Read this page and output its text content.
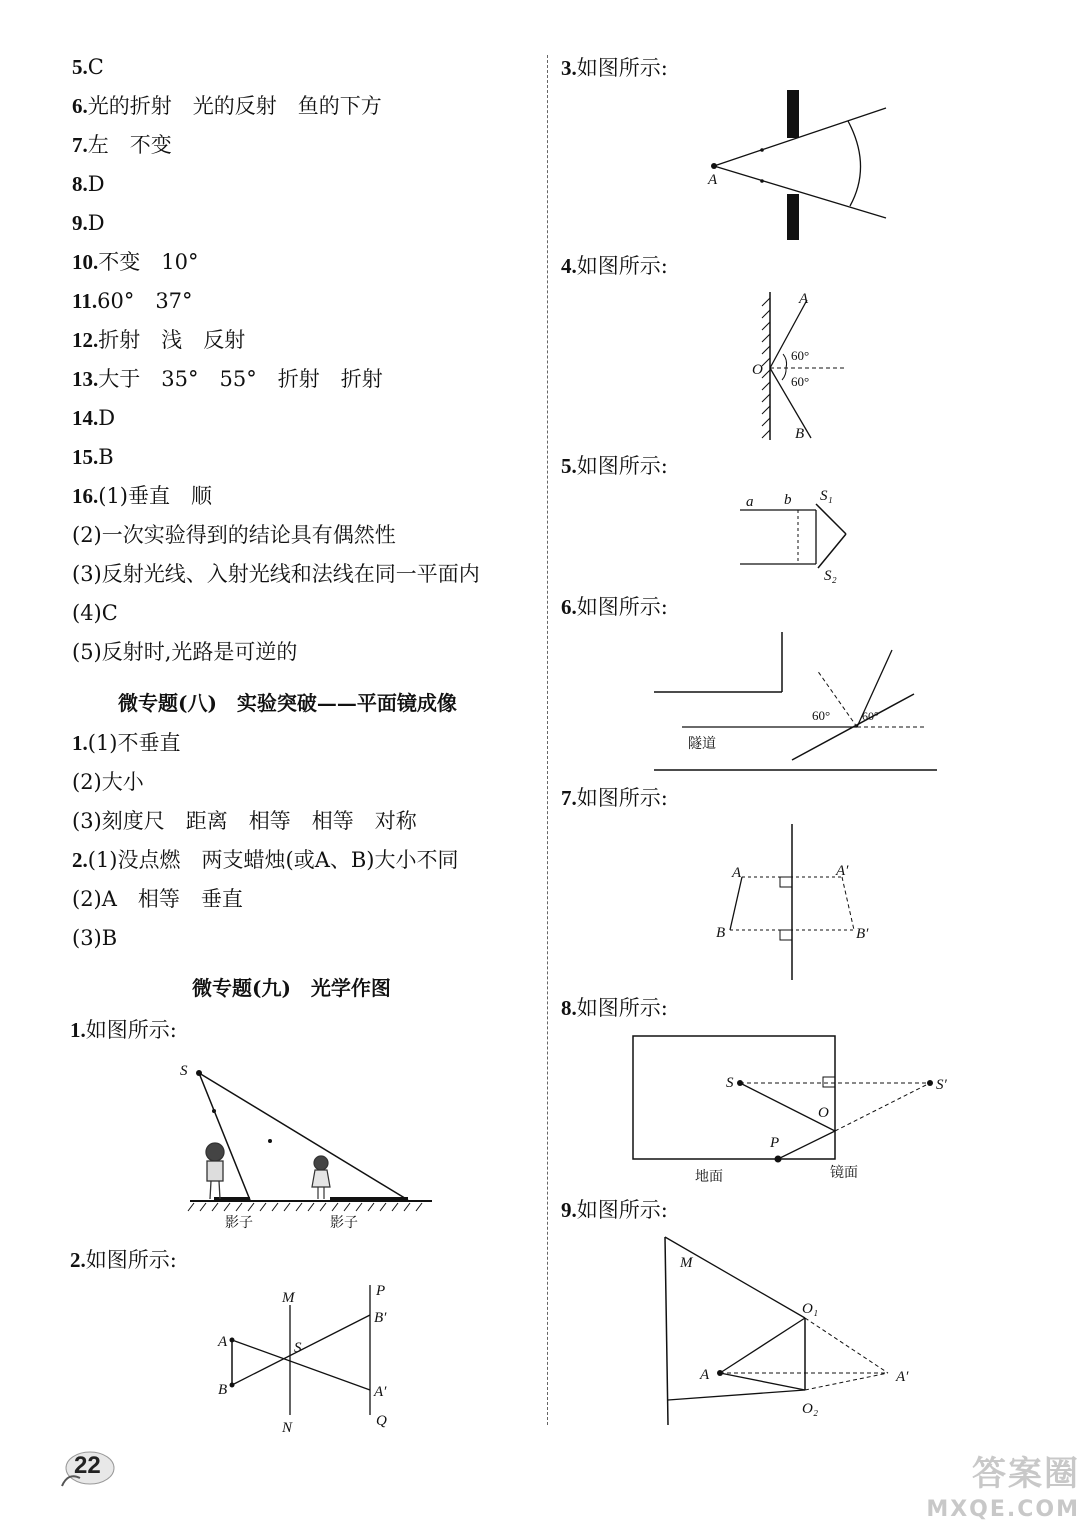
5.C
6.光的折射　光的反射　鱼的下方
7.左　不变
8.D
9.D
10.不变　10°
11.60°　37°
12.折射　浅　反射
13.大于　35°　55°　折射　折射
14.D
15.B
16.(1)垂直　顺
(2)一次实验得到的结论具有偶然性
(3)反射光线、入射光线和法线在同一平面内
(4)C
(5)反射时,光路是可逆的
微专题(八)　实验突破——平面镜成像
1.(1)不垂直
(2)大小
(3)刻度尺　距离　相等　相等　对称
2.(1)没点燃　两支蜡烛(或A、B)大小不同
(2)A　相等　垂直
(3)B
微专题(九)　光学作图
1.如图所示:
2.如图所示:
S
影子	影子
M
N
P
Q
S
A
B
B′
A′
3.如图所示:
4.如图所示:
5.如图所示:
6.如图所示:
7.如图所示:
8.如图所示:
9.如图所示:
A
A
B
O
60°
60°
a b S₁
S₂
60°	60°
隧道
A
B
A′
B′
S	S′
O
P
地面	镜面
M
A	A′
O₁
O₂
22	答案圈
MXQE.COM
